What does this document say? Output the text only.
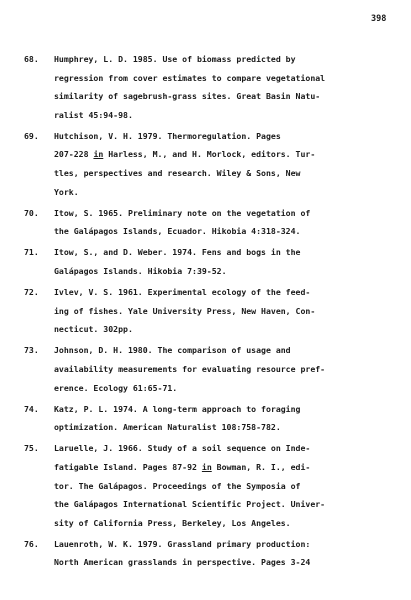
398
68.	Humphrey, L. D. 1985. Use of biomass predicted by
regression from cover estimates to compare vegetational
similarity of sagebrush-grass sites. Great Basin Natu-
ralist 45:94-98.
69.	Hutchison, V. H. 1979. Thermoregulation. Pages
207-228 in Harless, M., and H. Morlock, editors. Tur-
tles, perspectives and research. Wiley & Sons, New
York.
70.	Itow, S. 1965. Preliminary note on the vegetation of
the Galápagos Islands, Ecuador. Hikobia 4:318-324.
71.	Itow, S., and D. Weber. 1974. Fens and bogs in the
Galápagos Islands. Hikobia 7:39-52.
72.	Ivlev, V. S. 1961. Experimental ecology of the feed-
ing of fishes. Yale University Press, New Haven, Con-
necticut. 302pp.
73.	Johnson, D. H. 1980. The comparison of usage and
availability measurements for evaluating resource pref-
erence. Ecology 61:65-71.
74.	Katz, P. L. 1974. A long-term approach to foraging
optimization. American Naturalist 108:758-782.
75.	Laruelle, J. 1966. Study of a soil sequence on Inde-
fatigable Island. Pages 87-92 in Bowman, R. I., edi-
tor. The Galápagos. Proceedings of the Symposia of
the Galápagos International Scientific Project. Univer-
sity of California Press, Berkeley, Los Angeles.
76.	Lauenroth, W. K. 1979. Grassland primary production:
North American grasslands in perspective. Pages 3-24
